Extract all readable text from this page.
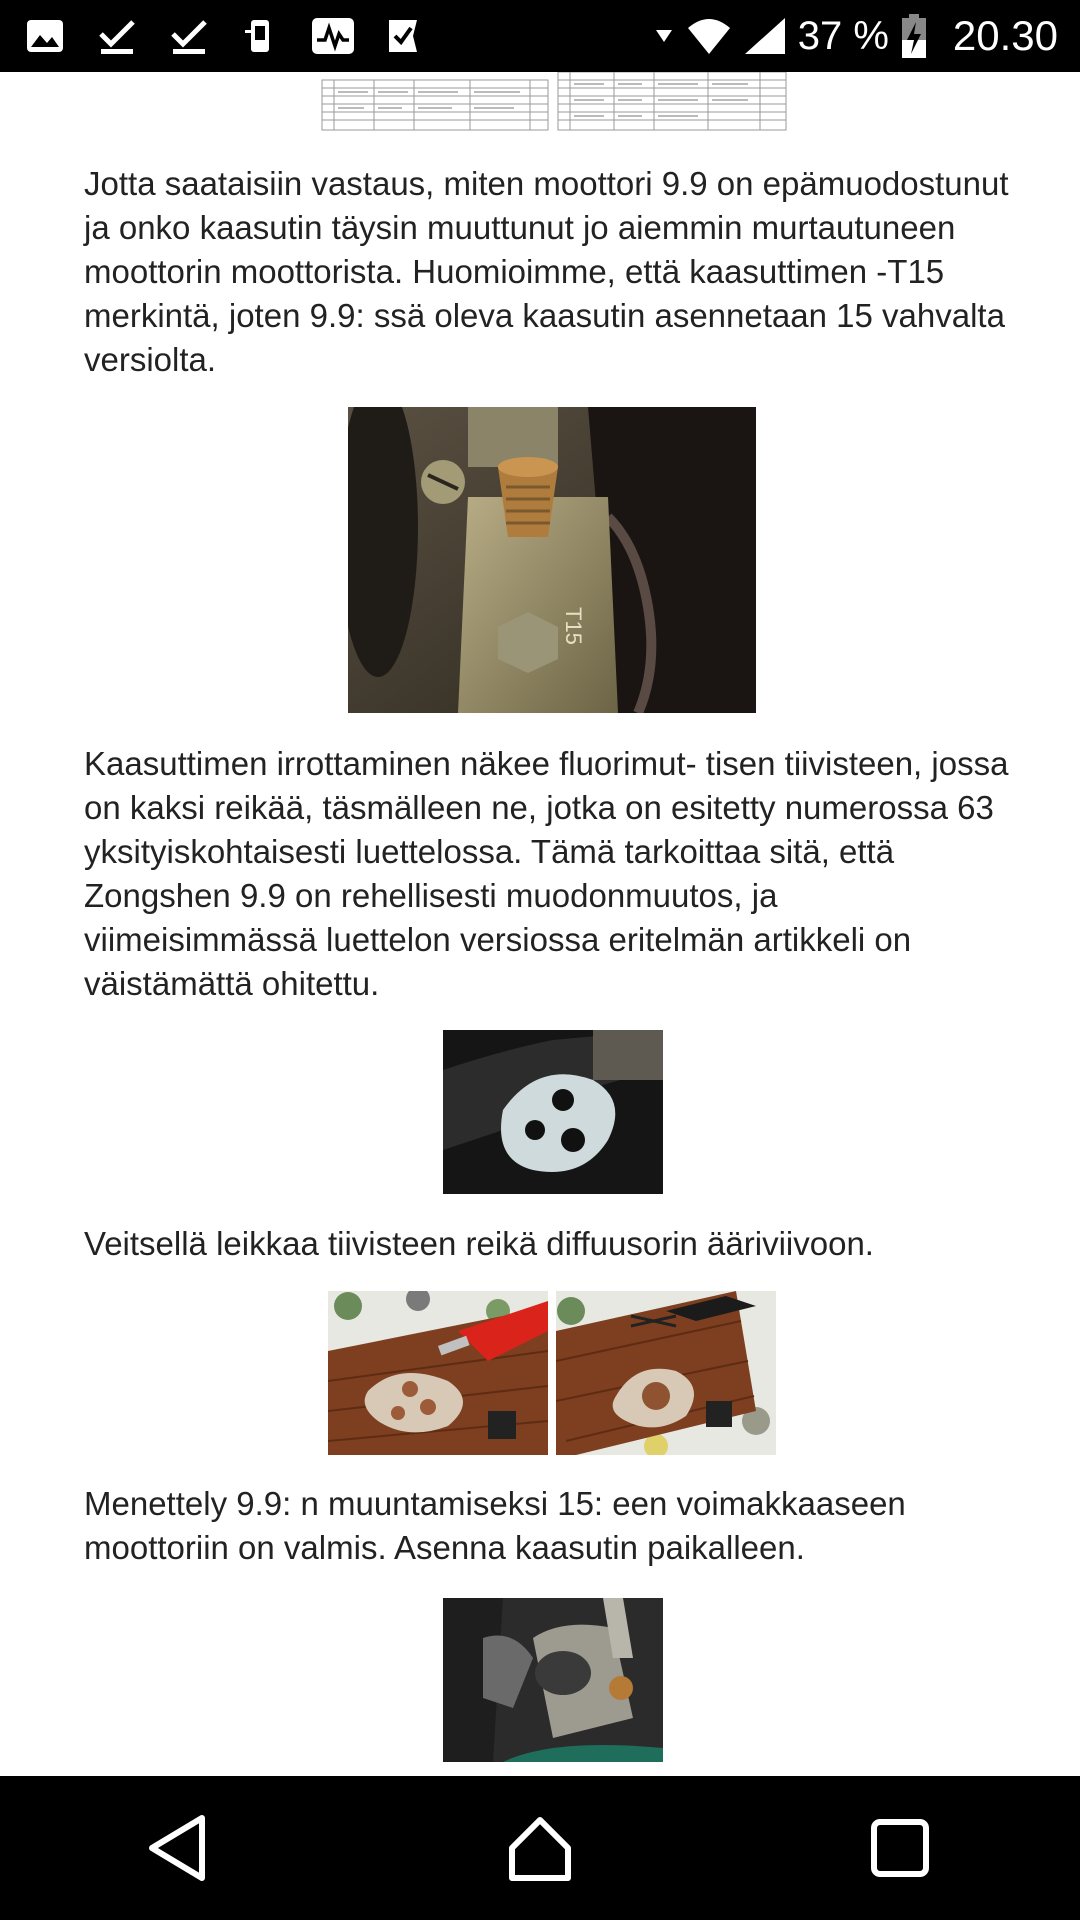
37 % 20.30

Jotta saataisiin vastaus, miten moottori 9.9 on epämuodostunut ja onko kaasutin täysin muuttunut jo aiemmin murtautuneen moottorin moottorista. Huomioimme, että kaasuttimen -T15 merkintä, joten 9.9: ssä oleva kaasutin asennetaan 15 vahvalta versiolta.

T15

Kaasuttimen irrottaminen näkee fluorimut- tisen tiivisteen, jossa on kaksi reikää, täsmälleen ne, jotka on esitetty numerossa 63 yksityiskohtaisesti luettelossa. Tämä tarkoittaa sitä, että Zongshen 9.9 on rehellisesti muodonmuutos, ja viimeisimmässä luettelon versiossa eritelmän artikkeli on väistämättä ohitettu.

Veitsellä leikkaa tiivisteen reikä diffuusorin ääriviivoon.

Menettely 9.9: n muuntamiseksi 15: een voimakkaaseen moottoriin on valmis. Asenna kaasutin paikalleen.
